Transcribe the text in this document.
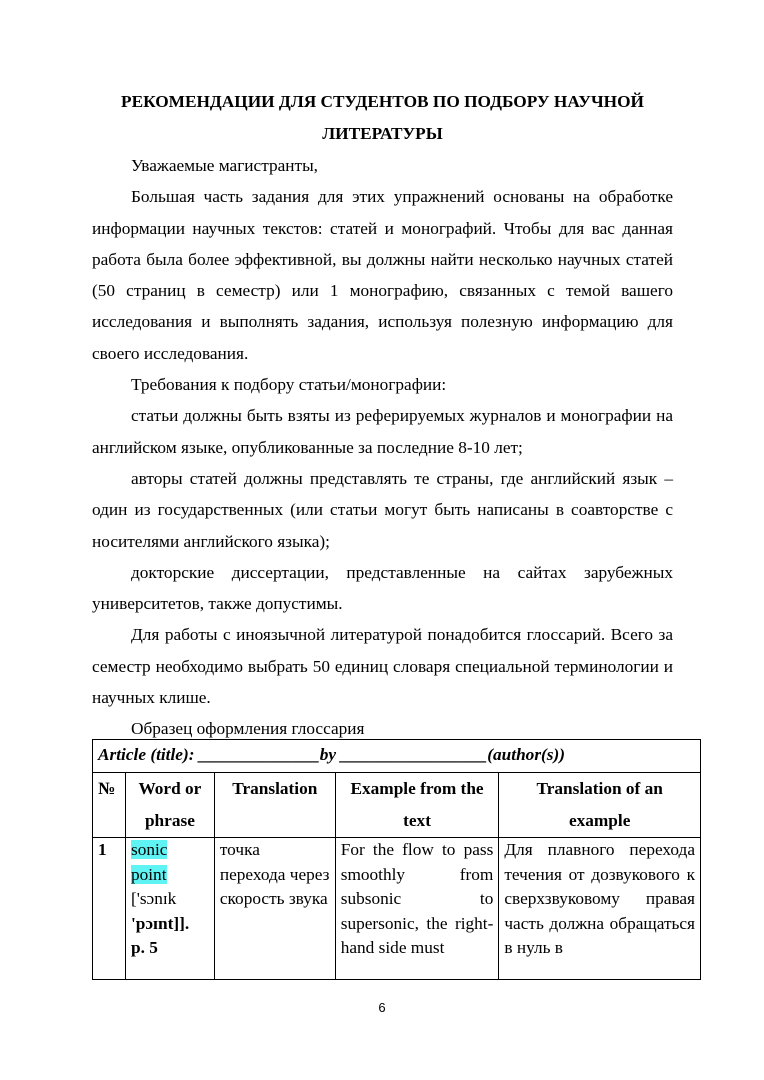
РЕКОМЕНДАЦИИ ДЛЯ СТУДЕНТОВ ПО ПОДБОРУ НАУЧНОЙ

ЛИТЕРАТУРЫ

Уважаемые магистранты,

Большая часть задания для этих упражнений основаны на обработке информации научных текстов: статей и монографий. Чтобы для вас данная работа была более эффективной, вы должны найти несколько научных статей (50 страниц в семестр) или 1 монографию, связанных с темой вашего исследования и выполнять задания, используя полезную информацию для своего исследования.

Требования к подбору статьи/монографии:

статьи должны быть взяты из реферируемых журналов и монографии на английском языке, опубликованные за последние 8-10 лет;

авторы статей должны представлять те страны, где английский язык – один из государственных (или статьи могут быть написаны в соавторстве с носителями английского языка);

докторские диссертации, представленные на сайтах зарубежных университетов, также допустимы.

Для работы с иноязычной литературой понадобится глоссарий. Всего за семестр необходимо выбрать 50 единиц словаря специальной терминологии и научных клише.

Образец оформления глоссария

Article (title): ______________by _________________(author(s))				
№	Word or phrase	Translation	Example from the text	Translation of an example
1	sonic
point
['sɔnɪk
'pɔɪnt]].
p. 5	точка перехода через скорость звука	For the flow to pass smoothly from subsonic to supersonic, the right-hand side must	Для плавного перехода течения от дозвукового к сверхзвуковому правая часть должна обращаться в нуль в
6
